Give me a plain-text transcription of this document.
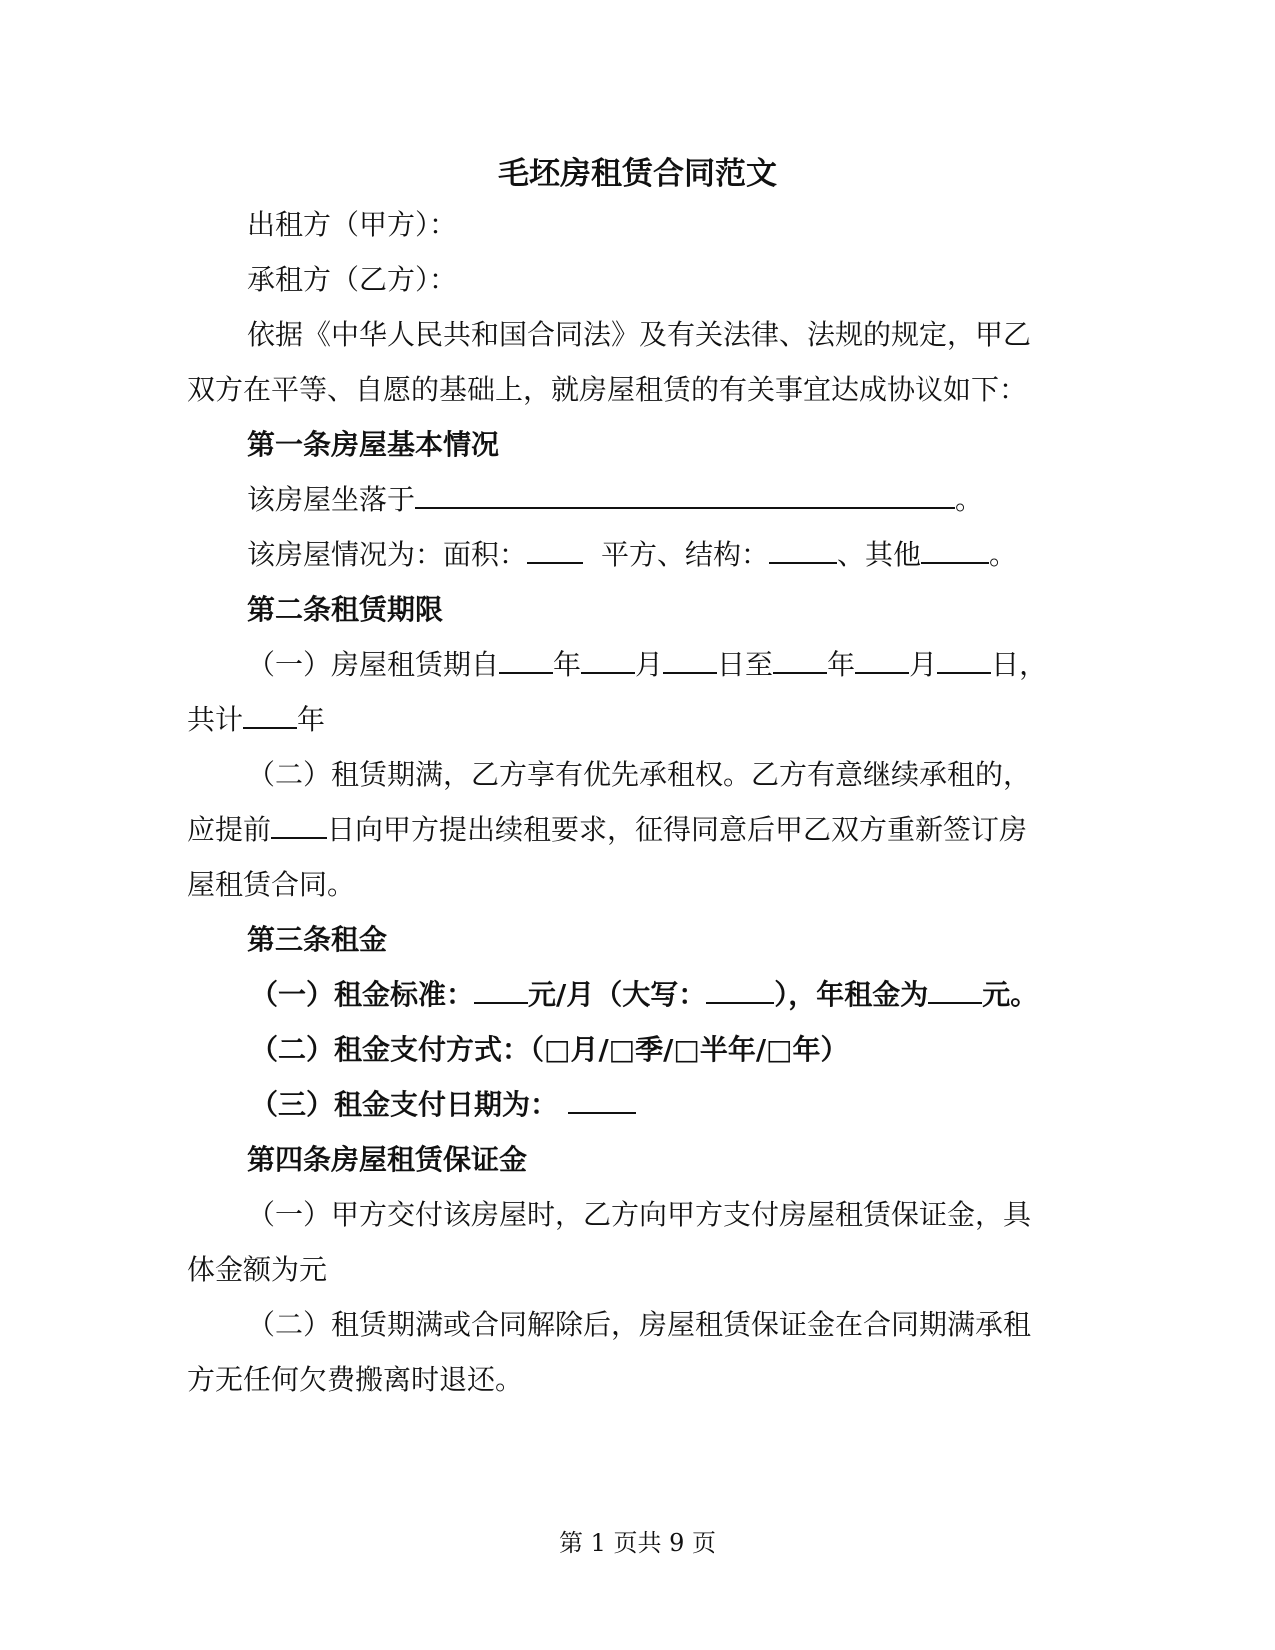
毛坯房租赁合同范文
出租方（甲方）：
承租方（乙方）：
依据《中华人民共和国合同法》及有关法律、法规的规定，甲乙
双方在平等、自愿的基础上，就房屋租赁的有关事宜达成协议如下：
第一条房屋基本情况
该房屋坐落于	。
该房屋情况为：面积：	平方、结构： 、其他 。
第二条租赁期限
（一）房屋租赁期自 年 月 日至 年 月 日，
共计 年
（二）租赁期满，乙方享有优先承租权。乙方有意继续承租的，
应提前 日向甲方提出续租要求，征得同意后甲乙双方重新签订房
屋租赁合同。
第三条租金
（一）租金标准： 元/月（大写： ），年租金为 元。
（二）租金支付方式：（□月/□季/□半年/□年）
（三）租金支付日期为：
第四条房屋租赁保证金
（一）甲方交付该房屋时，乙方向甲方支付房屋租赁保证金，具
体金额为元
（二）租赁期满或合同解除后，房屋租赁保证金在合同期满承租
方无任何欠费搬离时退还。
第 1 页共 9 页
